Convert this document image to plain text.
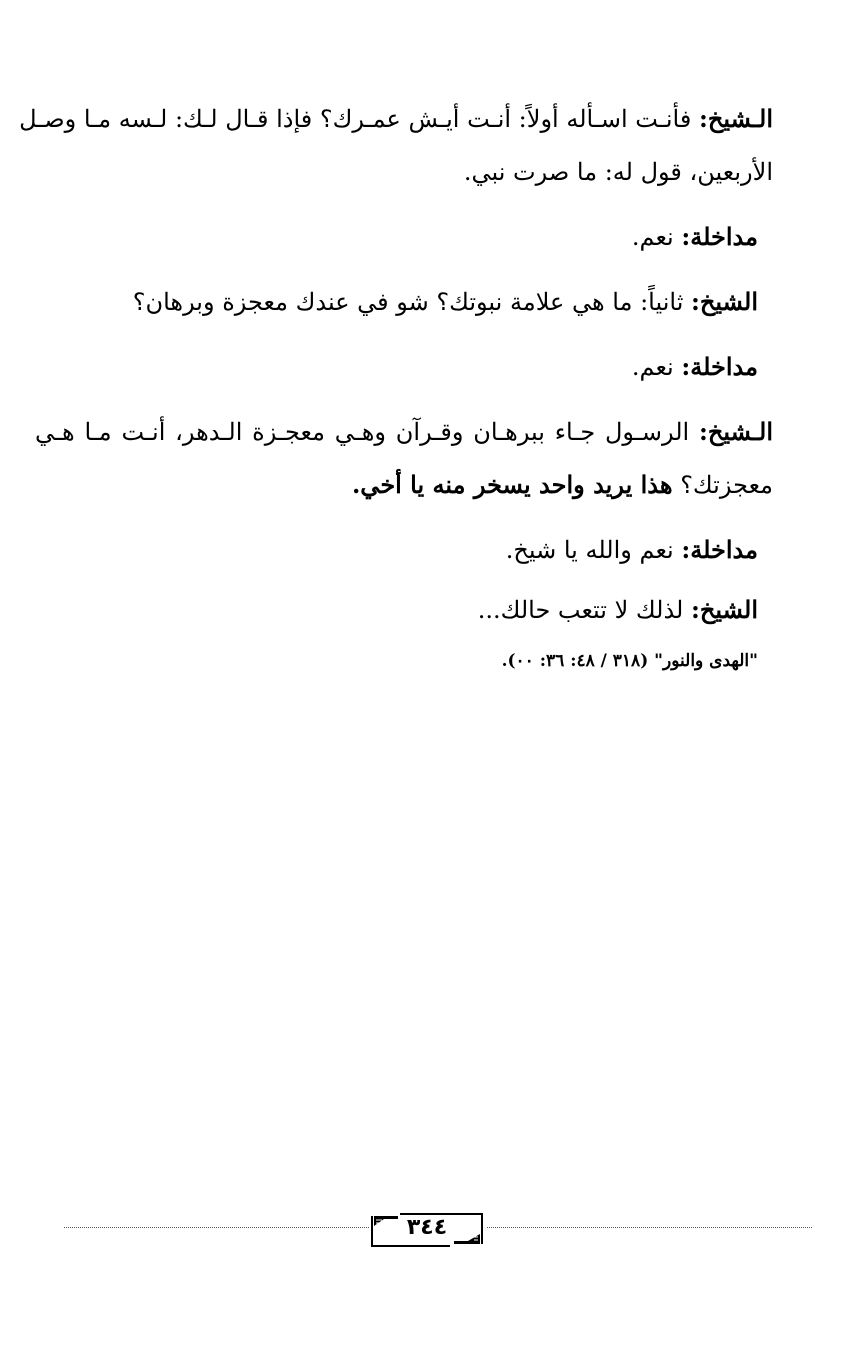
الـشيخ: فأنـت اسـأله أولاً: أنـت أيـش عمـرك؟ فإذا قـال لـك: لـسه مـا وصـل

الأربعين، قول له: ما صرت نبي.

مداخلة: نعم.

الشيخ: ثانياً: ما هي علامة نبوتك؟ شو في عندك معجزة وبرهان؟

مداخلة: نعم.

الـشيخ: الرسـول جـاء ببرهـان وقـرآن وهـي معجـزة الـدهر، أنـت مـا هـي

معجزتك؟ هذا يريد واحد يسخر منه يا أخي.

مداخلة: نعم والله يا شيخ.

الشيخ: لذلك لا تتعب حالك...

"الهدى والنور" (٣١٨ / ٤٨: ٣٦: ٠٠).
٣٤٤
